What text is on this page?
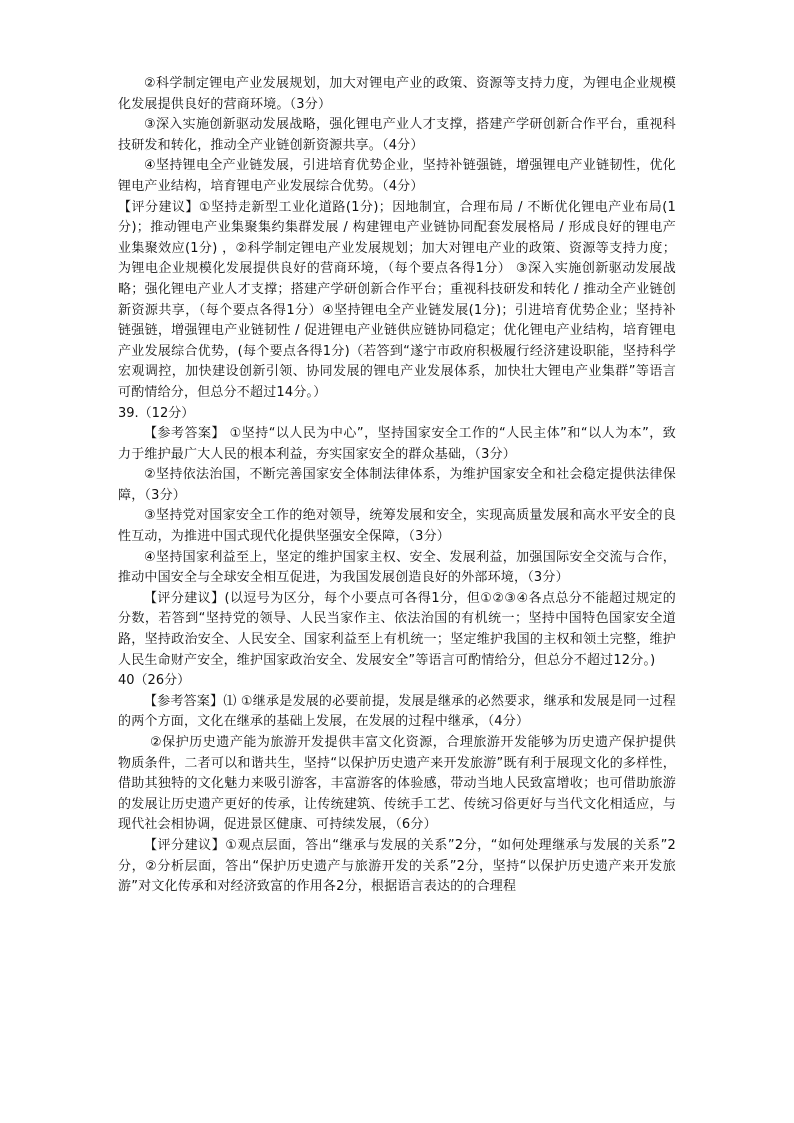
②科学制定锂电产业发展规划，加大对锂电产业的政策、资源等支持力度，为锂电企业规模化发展提供良好的营商环境。（3分）

③深入实施创新驱动发展战略，强化锂电产业人才支撑，搭建产学研创新合作平台，重视科技研发和转化，推动全产业链创新资源共享。（4分）

④坚持锂电全产业链发展，引进培育优势企业，坚持补链强链，增强锂电产业链韧性，优化锂电产业结构，培育锂电产业发展综合优势。（4分）

【评分建议】①坚持走新型工业化道路(1分)；因地制宜，合理布局 / 不断优化锂电产业布局(1分)；推动锂电产业集聚集约集群发展 / 构建锂电产业链协同配套发展格局 / 形成良好的锂电产业集聚效应(1分) ，②科学制定锂电产业发展规划；加大对锂电产业的政策、资源等支持力度；为锂电企业规模化发展提供良好的营商环境，（每个要点各得1分） ③深入实施创新驱动发展战略；强化锂电产业人才支撑；搭建产学研创新合作平台；重视科技研发和转化 / 推动全产业链创新资源共享，（每个要点各得1分）④坚持锂电全产业链发展(1分)；引进培育优势企业；坚持补链强链，增强锂电产业链韧性 / 促进锂电产业链供应链协同稳定；优化锂电产业结构，培育锂电产业发展综合优势，(每个要点各得1分)（若答到“遂宁市政府积极履行经济建设职能，坚持科学宏观调控，加快建设创新引领、协同发展的锂电产业发展体系，加快壮大锂电产业集群”等语言可酌情给分，但总分不超过14分。）

39.（12分）

【参考答案】 ①坚持“以人民为中心”，坚持国家安全工作的“人民主体”和“以人为本”，致力于维护最广大人民的根本利益，夯实国家安全的群众基础，（3分）

②坚持依法治国，不断完善国家安全体制法律体系，为维护国家安全和社会稳定提供法律保障，（3分）

③坚持党对国家安全工作的绝对领导，统筹发展和安全，实现高质量发展和高水平安全的良性互动，为推进中国式现代化提供坚强安全保障，（3分）

④坚持国家利益至上，坚定的维护国家主权、安全、发展利益，加强国际安全交流与合作，推动中国安全与全球安全相互促进，为我国发展创造良好的外部环境，（3分）

【评分建议】(以逗号为区分，每个小要点可各得1分，但①②③④各点总分不能超过规定的分数，若答到“坚持党的领导、人民当家作主、依法治国的有机统一；坚持中国特色国家安全道路，坚持政治安全、人民安全、国家利益至上有机统一；坚定维护我国的主权和领土完整，维护人民生命财产安全，维护国家政治安全、发展安全”等语言可酌情给分，但总分不超过12分。)

40（26分）

【参考答案】⑴ ①继承是发展的必要前提，发展是继承的必然要求，继承和发展是同一过程的两个方面，文化在继承的基础上发展，在发展的过程中继承，（4分）

②保护历史遗产能为旅游开发提供丰富文化资源，合理旅游开发能够为历史遗产保护提供物质条件，二者可以和谐共生，坚持“以保护历史遗产来开发旅游”既有利于展现文化的多样性，借助其独特的文化魅力来吸引游客，丰富游客的体验感，带动当地人民致富增收；也可借助旅游的发展让历史遗产更好的传承，让传统建筑、传统手工艺、传统习俗更好与当代文化相适应，与现代社会相协调，促进景区健康、可持续发展，（6分）

【评分建议】①观点层面，答出“继承与发展的关系”2分，“如何处理继承与发展的关系”2分，②分析层面，答出“保护历史遗产与旅游开发的关系”2分，坚持“以保护历史遗产来开发旅游”对文化传承和对经济致富的作用各2分，根据语言表达的的合理程
